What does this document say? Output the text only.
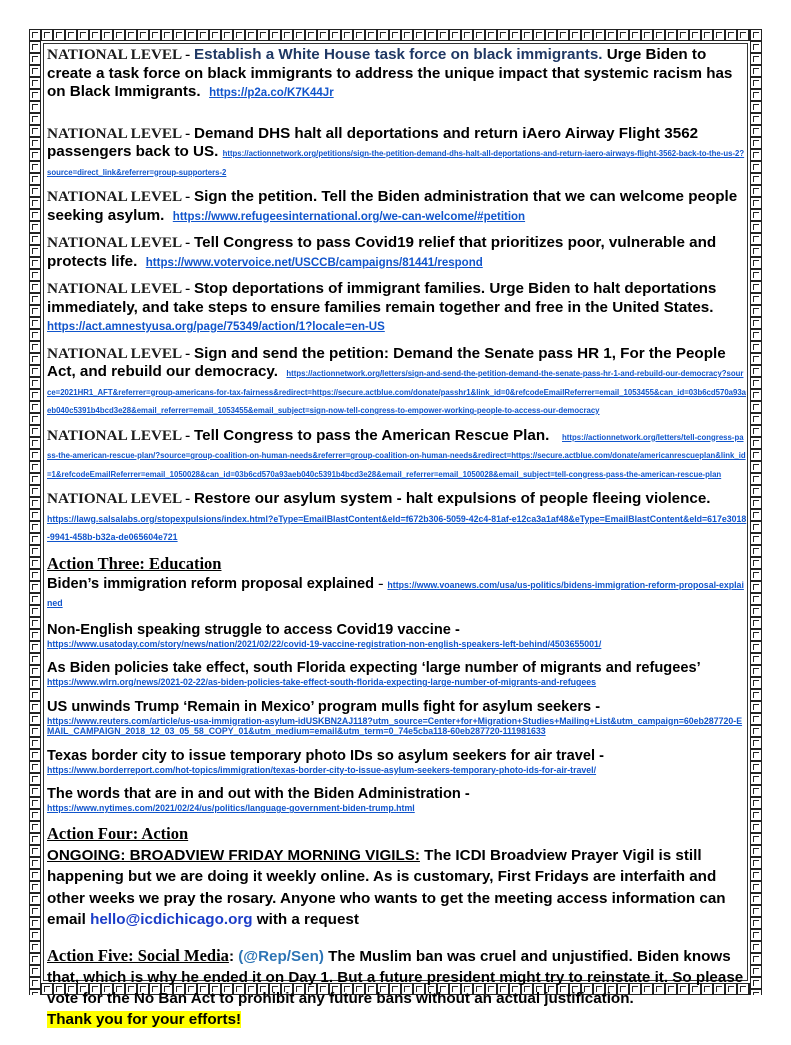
NATIONAL LEVEL - Establish a White House task force on black immigrants. Urge Biden to create a task force on black immigrants to address the unique impact that systemic racism has on Black Immigrants. https://p2a.co/K7K44Jr
NATIONAL LEVEL - Demand DHS halt all deportations and return iAero Airway Flight 3562 passengers back to US. https://actionnetwork.org/petitions/sign-the-petition-demand-dhs-halt-all-deportations-and-return-iaero-airways-flight-3562-back-to-the-us-2?source=direct_link&referrer=group-supporters-2
NATIONAL LEVEL - Sign the petition. Tell the Biden administration that we can welcome people seeking asylum. https://www.refugeesinternational.org/we-can-welcome/#petition
NATIONAL LEVEL - Tell Congress to pass Covid19 relief that prioritizes poor, vulnerable and protects life. https://www.votervoice.net/USCCB/campaigns/81441/respond
NATIONAL LEVEL - Stop deportations of immigrant families. Urge Biden to halt deportations immediately, and take steps to ensure families remain together and free in the United States.
https://act.amnestyusa.org/page/75349/action/1?locale=en-US
NATIONAL LEVEL - Sign and send the petition: Demand the Senate pass HR 1, For the People Act, and rebuild our democracy. https://actionnetwork.org/letters/sign-and-send-the-petition-demand-the-senate-pass-hr-1-and-rebuild-our-democracy?source=2021HR1_AFT&referrer=group-americans-for-tax-fairness&redirect=https://secure.actblue.com/donate/passhr1&link_id=0&refcodeEmailReferrer=email_1053455&can_id=03b6cd570a93aeb040c5391b4bcd3e28&email_referrer=email_1053455&email_subject=sign-now-tell-congress-to-empower-working-people-to-access-our-democracy
NATIONAL LEVEL - Tell Congress to pass the American Rescue Plan. https://actionnetwork.org/letters/tell-congress-pass-the-american-rescue-plan/?source=group-coalition-on-human-needs&referrer=group-coalition-on-human-needs&redirect=https://secure.actblue.com/donate/americanrescueplan&link_id=1&refcodeEmailReferrer=email_1050028&can_id=03b6cd570a93aeb040c5391b4bcd3e28&email_referrer=email_1050028&email_subject=tell-congress-pass-the-american-rescue-plan
NATIONAL LEVEL - Restore our asylum system - halt expulsions of people fleeing violence.
https://lawg.salsalabs.org/stopexpulsions/index.html?eType=EmailBlastContent&eId=f672b306-5059-42c4-81af-e12ca3a1af48&eType=EmailBlastContent&eId=617e3018-9941-458b-b32a-de065604e721
Action Three: Education
Biden’s immigration reform proposal explained - https://www.voanews.com/usa/us-politics/bidens-immigration-reform-proposal-explained
Non-English speaking struggle to access Covid19 vaccine -
https://www.usatoday.com/story/news/nation/2021/02/22/covid-19-vaccine-registration-non-english-speakers-left-behind/4503655001/
As Biden policies take effect, south Florida expecting ‘large number of migrants and refugees’
https://www.wlrn.org/news/2021-02-22/as-biden-policies-take-effect-south-florida-expecting-large-number-of-migrants-and-refugees
US unwinds Trump ‘Remain in Mexico’ program mulls fight for asylum seekers -
https://www.reuters.com/article/us-usa-immigration-asylum-idUSKBN2AJ118?utm_source=Center+for+Migration+Studies+Mailing+List&utm_campaign=60eb287720-EMAIL_CAMPAIGN_2018_12_03_05_58_COPY_01&utm_medium=email&utm_term=0_74e5cba118-60eb287720-111981633
Texas border city to issue temporary photo IDs so asylum seekers for air travel -
https://www.borderreport.com/hot-topics/immigration/texas-border-city-to-issue-asylum-seekers-temporary-photo-ids-for-air-travel/
The words that are in and out with the Biden Administration -
https://www.nytimes.com/2021/02/24/us/politics/language-government-biden-trump.html
Action Four: Action

ONGOING: BROADVIEW FRIDAY MORNING VIGILS: The ICDI Broadview Prayer Vigil is still happening but we are doing it weekly online. As is customary, First Fridays are interfaith and other weeks we pray the rosary. Anyone who wants to get the meeting access information can email hello@icdichicago.org with a request

Action Five: Social Media: (@Rep/Sen) The Muslim ban was cruel and unjustified. Biden knows that, which is why he ended it on Day 1. But a future president might try to reinstate it. So please vote for the No Ban Act to prohibit any future bans without an actual justification.
Thank you for your efforts!
